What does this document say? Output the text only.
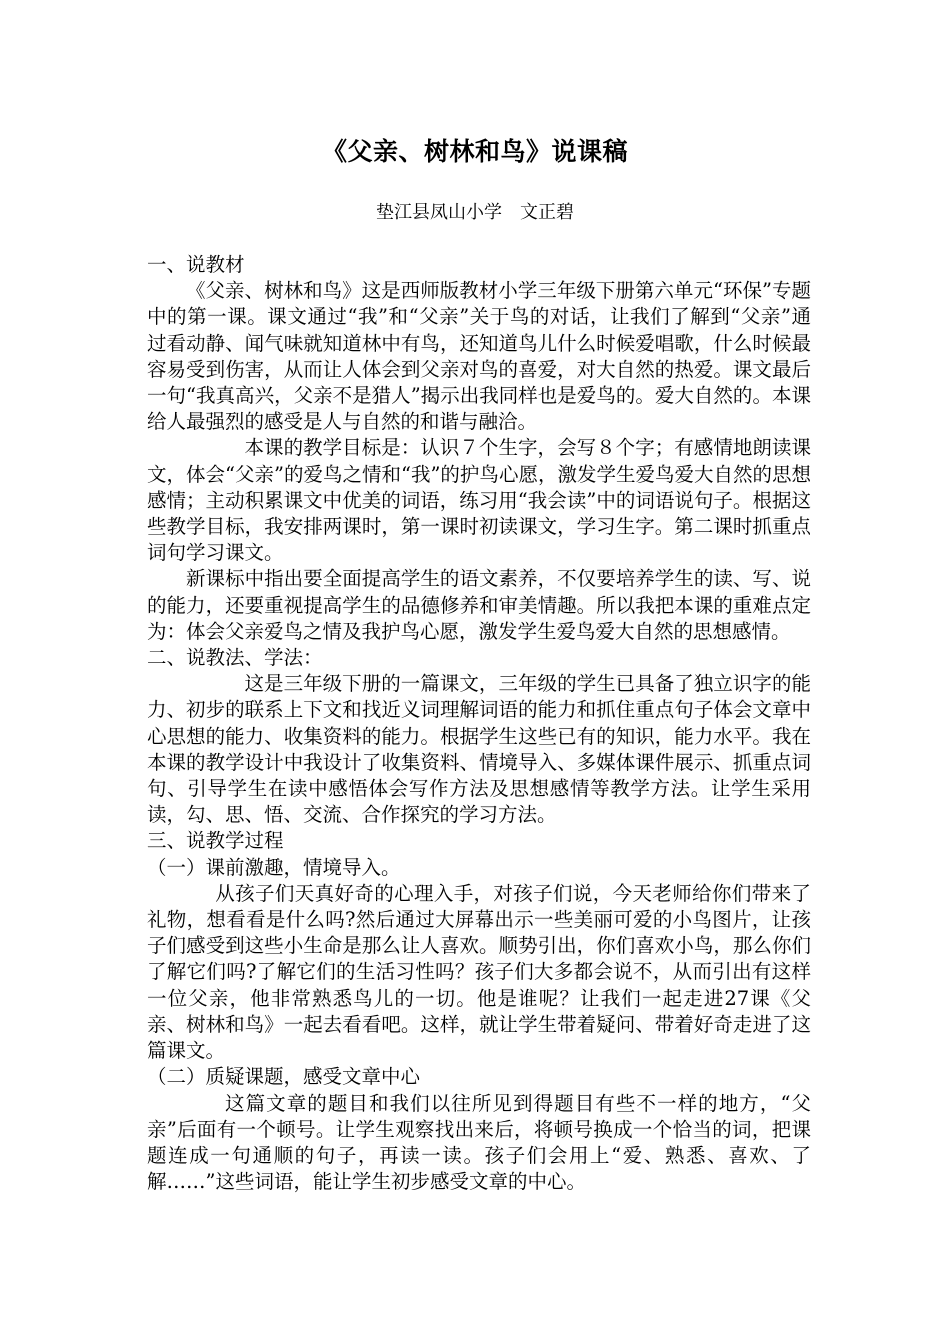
《父亲、树林和鸟》说课稿
垫江县凤山小学　文正碧

一、说教材

《父亲、树林和鸟》这是西师版教材小学三年级下册第六单元“环保”专题中的第一课。课文通过“我”和“父亲”关于鸟的对话，让我们了解到“父亲”通过看动静、闻气味就知道林中有鸟，还知道鸟儿什么时候爱唱歌，什么时候最容易受到伤害，从而让人体会到父亲对鸟的喜爱，对大自然的热爱。课文最后一句“我真高兴，父亲不是猎人”揭示出我同样也是爱鸟的。爱大自然的。本课给人最强烈的感受是人与自然的和谐与融洽。

本课的教学目标是：认识７个生字，会写８个字；有感情地朗读课文，体会“父亲”的爱鸟之情和“我”的护鸟心愿，激发学生爱鸟爱大自然的思想感情；主动积累课文中优美的词语，练习用“我会读”中的词语说句子。根据这些教学目标，我安排两课时，第一课时初读课文，学习生字。第二课时抓重点词句学习课文。

新课标中指出要全面提高学生的语文素养，不仅要培养学生的读、写、说的能力，还要重视提高学生的品德修养和审美情趣。所以我把本课的重难点定为：体会父亲爱鸟之情及我护鸟心愿，激发学生爱鸟爱大自然的思想感情。

二、说教法、学法：

这是三年级下册的一篇课文，三年级的学生已具备了独立识字的能力、初步的联系上下文和找近义词理解词语的能力和抓住重点句子体会文章中心思想的能力、收集资料的能力。根据学生这些已有的知识，能力水平。我在本课的教学设计中我设计了收集资料、情境导入、多媒体课件展示、抓重点词句、引导学生在读中感悟体会写作方法及思想感情等教学方法。让学生采用读，勾、思、悟、交流、合作探究的学习方法。

三、说教学过程

（一）课前激趣，情境导入。

从孩子们天真好奇的心理入手，对孩子们说，今天老师给你们带来了礼物，想看看是什么吗?然后通过大屏幕出示一些美丽可爱的小鸟图片，让孩子们感受到这些小生命是那么让人喜欢。顺势引出，你们喜欢小鸟，那么你们了解它们吗?了解它们的生活习性吗？孩子们大多都会说不，从而引出有这样一位父亲，他非常熟悉鸟儿的一切。他是谁呢？让我们一起走进27课《父亲、树林和鸟》一起去看看吧。这样，就让学生带着疑问、带着好奇走进了这篇课文。

（二）质疑课题，感受文章中心

这篇文章的题目和我们以往所见到得题目有些不一样的地方，“父亲”后面有一个顿号。让学生观察找出来后，将顿号换成一个恰当的词，把课题连成一句通顺的句子，再读一读。孩子们会用上“爱、熟悉、喜欢、了解……”这些词语，能让学生初步感受文章的中心。
